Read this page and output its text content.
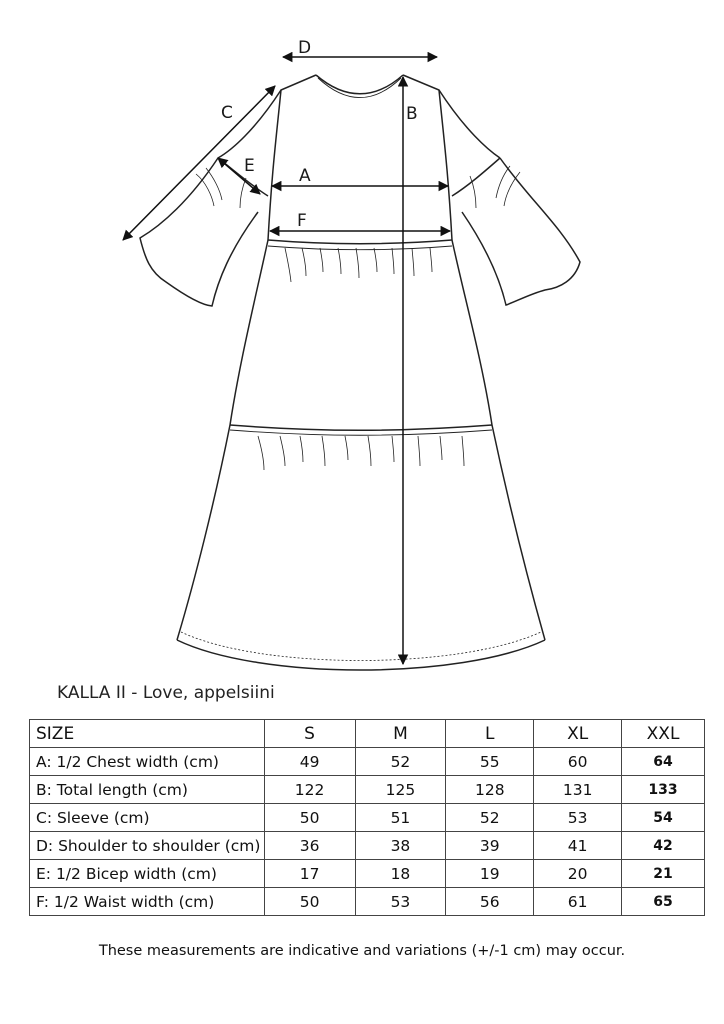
D
B
C
E	A
F
KALLA II - Love, appelsiini
SIZE	S	M	L	XL	XXL
A: 1/2 Chest width (cm)	49	52	55	60	64
B: Total length (cm)	122	125	128	131	133
C: Sleeve (cm)	50	51	52	53	54
D: Shoulder to shoulder (cm)	36	38	39	41	42
E: 1/2 Bicep width (cm)	17	18	19	20	21
F: 1/2 Waist width (cm)	50	53	56	61	65
These measurements are indicative and variations (+/-1 cm) may occur.
